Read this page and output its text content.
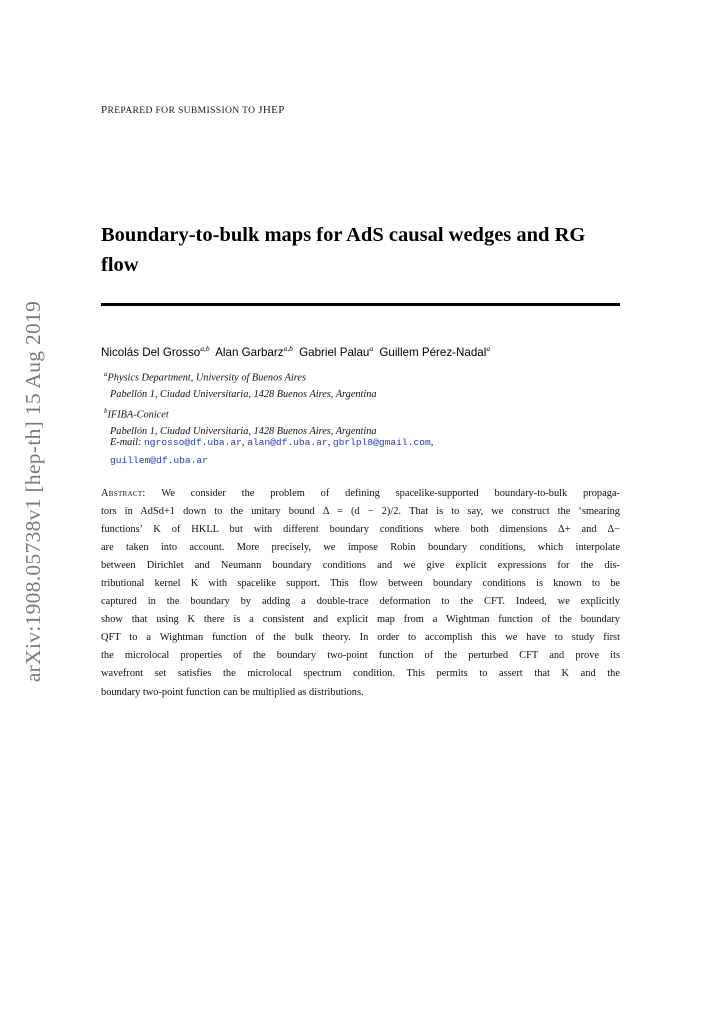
arXiv:1908.05738v1 [hep-th] 15 Aug 2019
PREPARED FOR SUBMISSION TO JHEP
Boundary-to-bulk maps for AdS causal wedges and RG flow
Nicolás Del Grosso$^{a,b}$ Alan Garbarz$^{a,b}$ Gabriel Palau$^a$ Guillem Pérez-Nadal$^a$
$^a$Physics Department, University of Buenos Aires
Pabellón 1, Ciudad Universitaria, 1428 Buenos Aires, Argentina
$^b$IFIBA-Conicet
Pabellón 1, Ciudad Universitaria, 1428 Buenos Aires, Argentina
E-mail: ngrosso@df.uba.ar, alan@df.uba.ar, gbrlpl8@gmail.com,
guillem@df.uba.ar
Abstract: We consider the problem of defining spacelike-supported boundary-to-bulk propaga-
tors in AdSd+1 down to the unitary bound Δ = (d − 2)/2. That is to say, we construct the ‘smearing
functions’ K of HKLL but with different boundary conditions where both dimensions Δ+ and Δ−
are taken into account. More precisely, we impose Robin boundary conditions, which interpolate
between Dirichlet and Neumann boundary conditions and we give explicit expressions for the dis-
tributional kernel K with spacelike support. This flow between boundary conditions is known to be
captured in the boundary by adding a double-trace deformation to the CFT. Indeed, we explicitly
show that using K there is a consistent and explicit map from a Wightman function of the boundary
QFT to a Wightman function of the bulk theory. In order to accomplish this we have to study first
the microlocal properties of the boundary two-point function of the perturbed CFT and prove its
wavefront set satisfies the microlocal spectrum condition. This permits to assert that K and the
boundary two-point function can be multiplied as distributions.
